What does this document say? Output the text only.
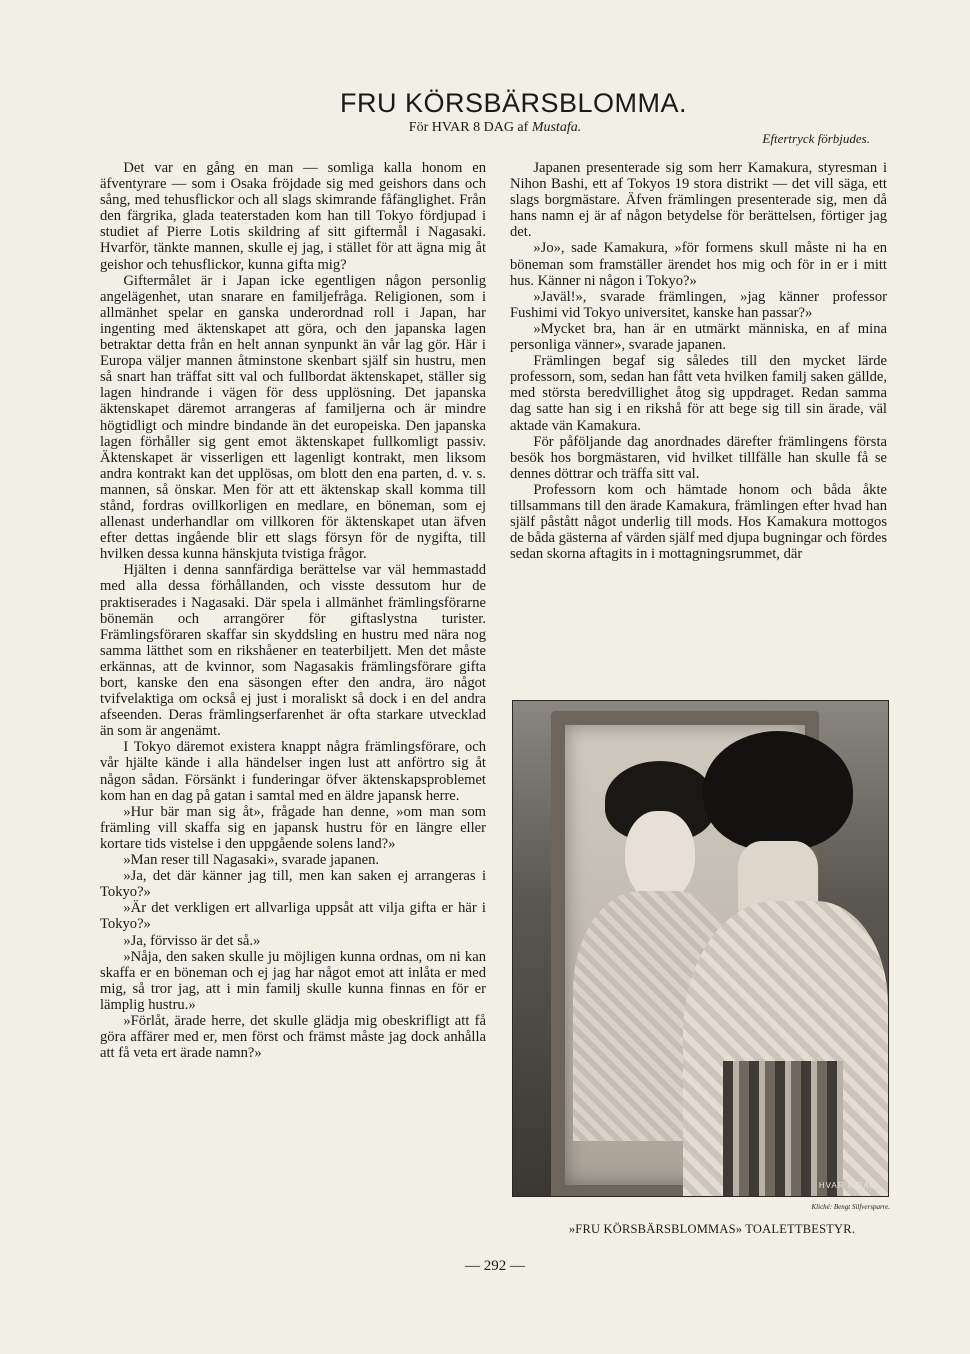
FRU KÖRSBÄRSBLOMMA.
För HVAR 8 DAG af Mustafa.
Eftertryck förbjudes.

Det var en gång en man — somliga kalla honom en äfventyrare — som i Osaka fröjdade sig med geishors dans och sång, med tehusflickor och all slags skimrande fåfänglighet. Från den färgrika, glada teaterstaden kom han till Tokyo fördjupad i studiet af Pierre Lotis skildring af sitt giftermål i Nagasaki. Hvarför, tänkte mannen, skulle ej jag, i stället för att ägna mig åt geishor och tehusflickor, kunna gifta mig?

Giftermålet är i Japan icke egentligen någon personlig angelägenhet, utan snarare en familjefråga. Religionen, som i allmänhet spelar en ganska underordnad roll i Japan, har ingenting med äktenskapet att göra, och den japanska lagen betraktar detta från en helt annan synpunkt än vår lag gör. Här i Europa väljer mannen åtminstone skenbart själf sin hustru, men så snart han träffat sitt val och fullbordat äktenskapet, ställer sig lagen hindrande i vägen för dess upplösning. Det japanska äktenskapet däremot arrangeras af familjerna och är mindre högtidligt och mindre bindande än det europeiska. Den japanska lagen förhåller sig gent emot äktenskapet fullkomligt passiv. Äktenskapet är visserligen ett lagenligt kontrakt, men liksom andra kontrakt kan det upplösas, om blott den ena parten, d. v. s. mannen, så önskar. Men för att ett äktenskap skall komma till stånd, fordras ovillkorligen en medlare, en böneman, som ej allenast underhandlar om villkoren för äktenskapet utan äfven efter dettas ingående blir ett slags försyn för de nygifta, till hvilken dessa kunna hänskjuta tvistiga frågor.

Hjälten i denna sannfärdiga berättelse var väl hemmastadd med alla dessa förhållanden, och visste dessutom hur de praktiserades i Nagasaki. Där spela i allmänhet främlingsförarne bönemän och arrangörer för giftaslystna turister. Främlingsföraren skaffar sin skyddsling en hustru med nära nog samma lätthet som en rikshåener en teaterbiljett. Men det måste erkännas, att de kvinnor, som Nagasakis främlingsförare gifta bort, kanske den ena säsongen efter den andra, äro något tvifvelaktiga om också ej just i moraliskt så dock i en del andra afseenden. Deras främlingserfarenhet är ofta starkare utvecklad än som är angenämt.

I Tokyo däremot existera knappt några främlingsförare, och vår hjälte kände i alla händelser ingen lust att anförtro sig åt någon sådan. Försänkt i funderingar öfver äktenskapsproblemet kom han en dag på gatan i samtal med en äldre japansk herre.

»Hur bär man sig åt», frågade han denne, »om man som främling vill skaffa sig en japansk hustru för en längre eller kortare tids vistelse i den uppgående solens land?»

»Man reser till Nagasaki», svarade japanen.

»Ja, det där känner jag till, men kan saken ej arrangeras i Tokyo?»

»Är det verkligen ert allvarliga uppsåt att vilja gifta er här i Tokyo?»

»Ja, förvisso är det så.»

»Nåja, den saken skulle ju möjligen kunna ordnas, om ni kan skaffa er en böneman och ej jag har något emot att inlåta er med mig, så tror jag, att i min familj skulle kunna finnas en för er lämplig hustru.»

»Förlåt, ärade herre, det skulle glädja mig obeskrifligt att få göra affärer med er, men först och främst måste jag dock anhålla att få veta ert ärade namn?»

Japanen presenterade sig som herr Kamakura, styresman i Nihon Bashi, ett af Tokyos 19 stora distrikt — det vill säga, ett slags borgmästare. Äfven främlingen presenterade sig, men då hans namn ej är af någon betydelse för berättelsen, förtiger jag det.

»Jo», sade Kamakura, »för formens skull måste ni ha en böneman som framställer ärendet hos mig och för in er i mitt hus. Känner ni någon i Tokyo?»

»Javäl!», svarade främlingen, »jag känner professor Fushimi vid Tokyo universitet, kanske han passar?»

»Mycket bra, han är en utmärkt människa, en af mina personliga vänner», svarade japanen.

Främlingen begaf sig således till den mycket lärde professorn, som, sedan han fått veta hvilken familj saken gällde, med största beredvillighet åtog sig uppdraget. Redan samma dag satte han sig i en rikshå för att bege sig till sin ärade, väl aktade vän Kamakura.

För påföljande dag anordnades därefter främlingens första besök hos borgmästaren, vid hvilket tillfälle han skulle få se dennes döttrar och träffa sitt val.

Professorn kom och hämtade honom och båda åkte tillsammans till den ärade Kamakura, främlingen efter hvad han själf påstått något underlig till mods. Hos Kamakura mottogos de båda gästerna af värden själf med djupa bugningar och fördes sedan skorna aftagits in i mottagningsrummet, där

HVAR 8 DAG.
Kliché: Bengt Silfversparre.
»FRU KÖRSBÄRSBLOMMAS» TOALETTBESTYR.
— 292 —
